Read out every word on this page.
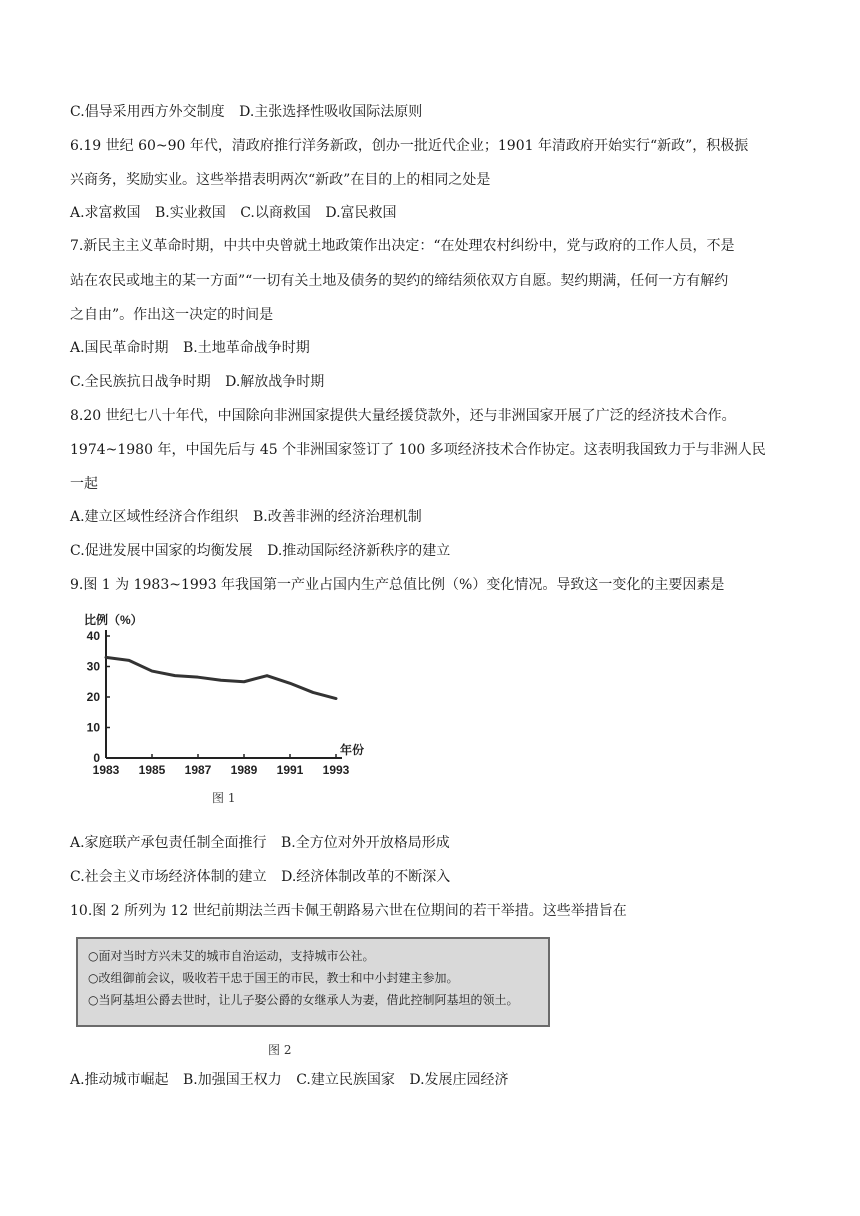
C.倡导采用西方外交制度 D.主张选择性吸收国际法原则
6.19 世纪 60~90 年代，清政府推行洋务新政，创办一批近代企业；1901 年清政府开始实行“新政”，积极振
兴商务，奖励实业。这些举措表明两次“新政”在目的上的相同之处是
A.求富救国 B.实业救国 C.以商救国 D.富民救国
7.新民主主义革命时期，中共中央曾就土地政策作出决定：“在处理农村纠纷中，党与政府的工作人员，不是
站在农民或地主的某一方面”“一切有关土地及债务的契约的缔结须依双方自愿。契约期满，任何一方有解约
之自由”。作出这一决定的时间是
A.国民革命时期 B.土地革命战争时期
C.全民族抗日战争时期 D.解放战争时期
8.20 世纪七八十年代，中国除向非洲国家提供大量经援贷款外，还与非洲国家开展了广泛的经济技术合作。
1974~1980 年，中国先后与 45 个非洲国家签订了 100 多项经济技术合作协定。这表明我国致力于与非洲人民
一起
A.建立区域性经济合作组织 B.改善非洲的经济治理机制
C.促进发展中国家的均衡发展 D.推动国际经济新秩序的建立
9.图 1 为 1983~1993 年我国第一产业占国内生产总值比例（%）变化情况。导致这一变化的主要因素是
比例（%）
年份
图 1
0
10
20
30
40
1983 1985 1987 1989 1991 1993
A.家庭联产承包责任制全面推行 B.全方位对外开放格局形成
C.社会主义市场经济体制的建立 D.经济体制改革的不断深入
10.图 2 所列为 12 世纪前期法兰西卡佩王朝路易六世在位期间的若干举措。这些举措旨在
○面对当时方兴未艾的城市自治运动，支持城市公社。
○改组御前会议，吸收若干忠于国王的市民，教士和中小封建主参加。
○当阿基坦公爵去世时，让儿子娶公爵的女继承人为妻，借此控制阿基坦的领土。
图 2
A.推动城市崛起 B.加强国王权力 C.建立民族国家 D.发展庄园经济
